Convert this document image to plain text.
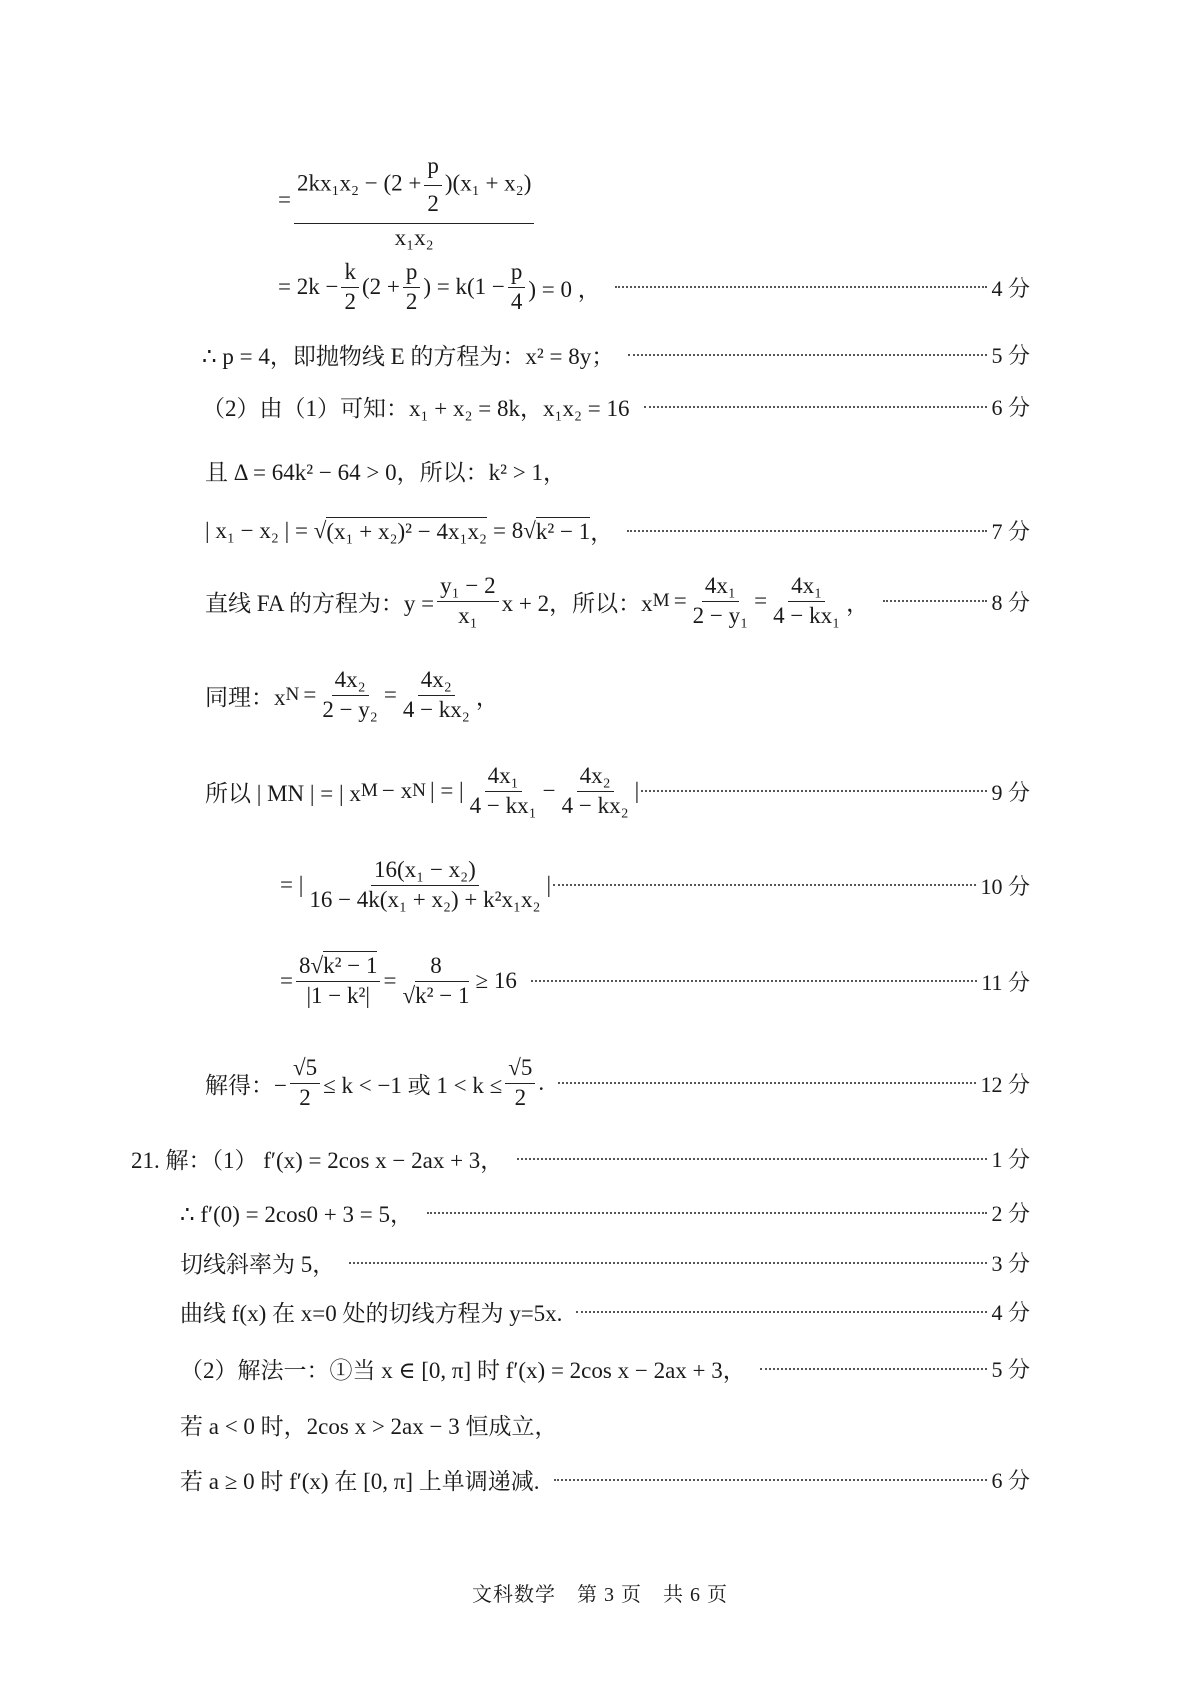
= $\frac{2kx_1x_2 - (2 + \frac{p}{2} )(x_1 + x_2)}{\text{x₁x₂}}$
= $2k - \frac{k}{2} (2 + \frac{p}{2}$ ) = $k(1 - \frac{p}{4}$ ) = 0 ，	4 分
∴ p = 4，即抛物线 E 的方程为：x² = 8y；	5 分
（2）由（1）可知：x₁ + x₂ = 8k，x₁x₂ = 16	6 分
且 Δ = 64k² − 64 > 0，所以：k² > 1，
| x₁ − x₂ | = √ (x₁ + x₂)² − 4x₁x₂ = 8√ k² − 1 ，	7 分
直线 FA 的方程为：$y = \frac{\text{y₁ − 2}}{\text{x₁}}$ x + 2，所以：x $M = \frac{\text{4x₁}}{\text{2 − y₁}} = \frac{\text{4x₁}}{\text{4 − kx₁}}$ ，	8 分
同理：x $N = \frac{\text{4x₂}}{\text{2 − y₂}} = \frac{\text{4x₂}}{\text{4 − kx₂}}$ ，
所以 | MN | = | x M − x N | = | $\frac{\text{4x₁}}{\text{4 − kx₁}} - \frac{\text{4x₂}}{\text{4 − kx₂}}$ |	9 分
= | $\frac{\text{16(x₁ − x₂)}}{\text{16 − 4k(x₁ + x₂) + k²x₁x₂}}$ |	10 分
= $\frac{\text{8√k² − 1}}{\text{|1 − k²|}} = \frac{8}{\text{√k² − 1}} \ge 16$	11 分
解得：− $\frac{√5}{2} \le k < -1$ 或 $1 < k \le \frac{√5}{2}$ .	12 分
21. 解：（1） f′(x) = 2cos x − 2ax + 3，	1 分
∴ f′(0) = 2cos0 + 3 = 5，	2 分
切线斜率为 5，	3 分
曲线 f(x) 在 x=0 处的切线方程为 y=5x.	4 分
（2）解法一：①当 x ∈ [0, π] 时 f′(x) = 2cos x − 2ax + 3，	5 分
若 a < 0 时，2cos x > 2ax − 3 恒成立，
若 a ≥ 0 时 f′(x) 在 [0, π] 上单调递减.	6 分
文科数学　第 3 页　共 6 页
